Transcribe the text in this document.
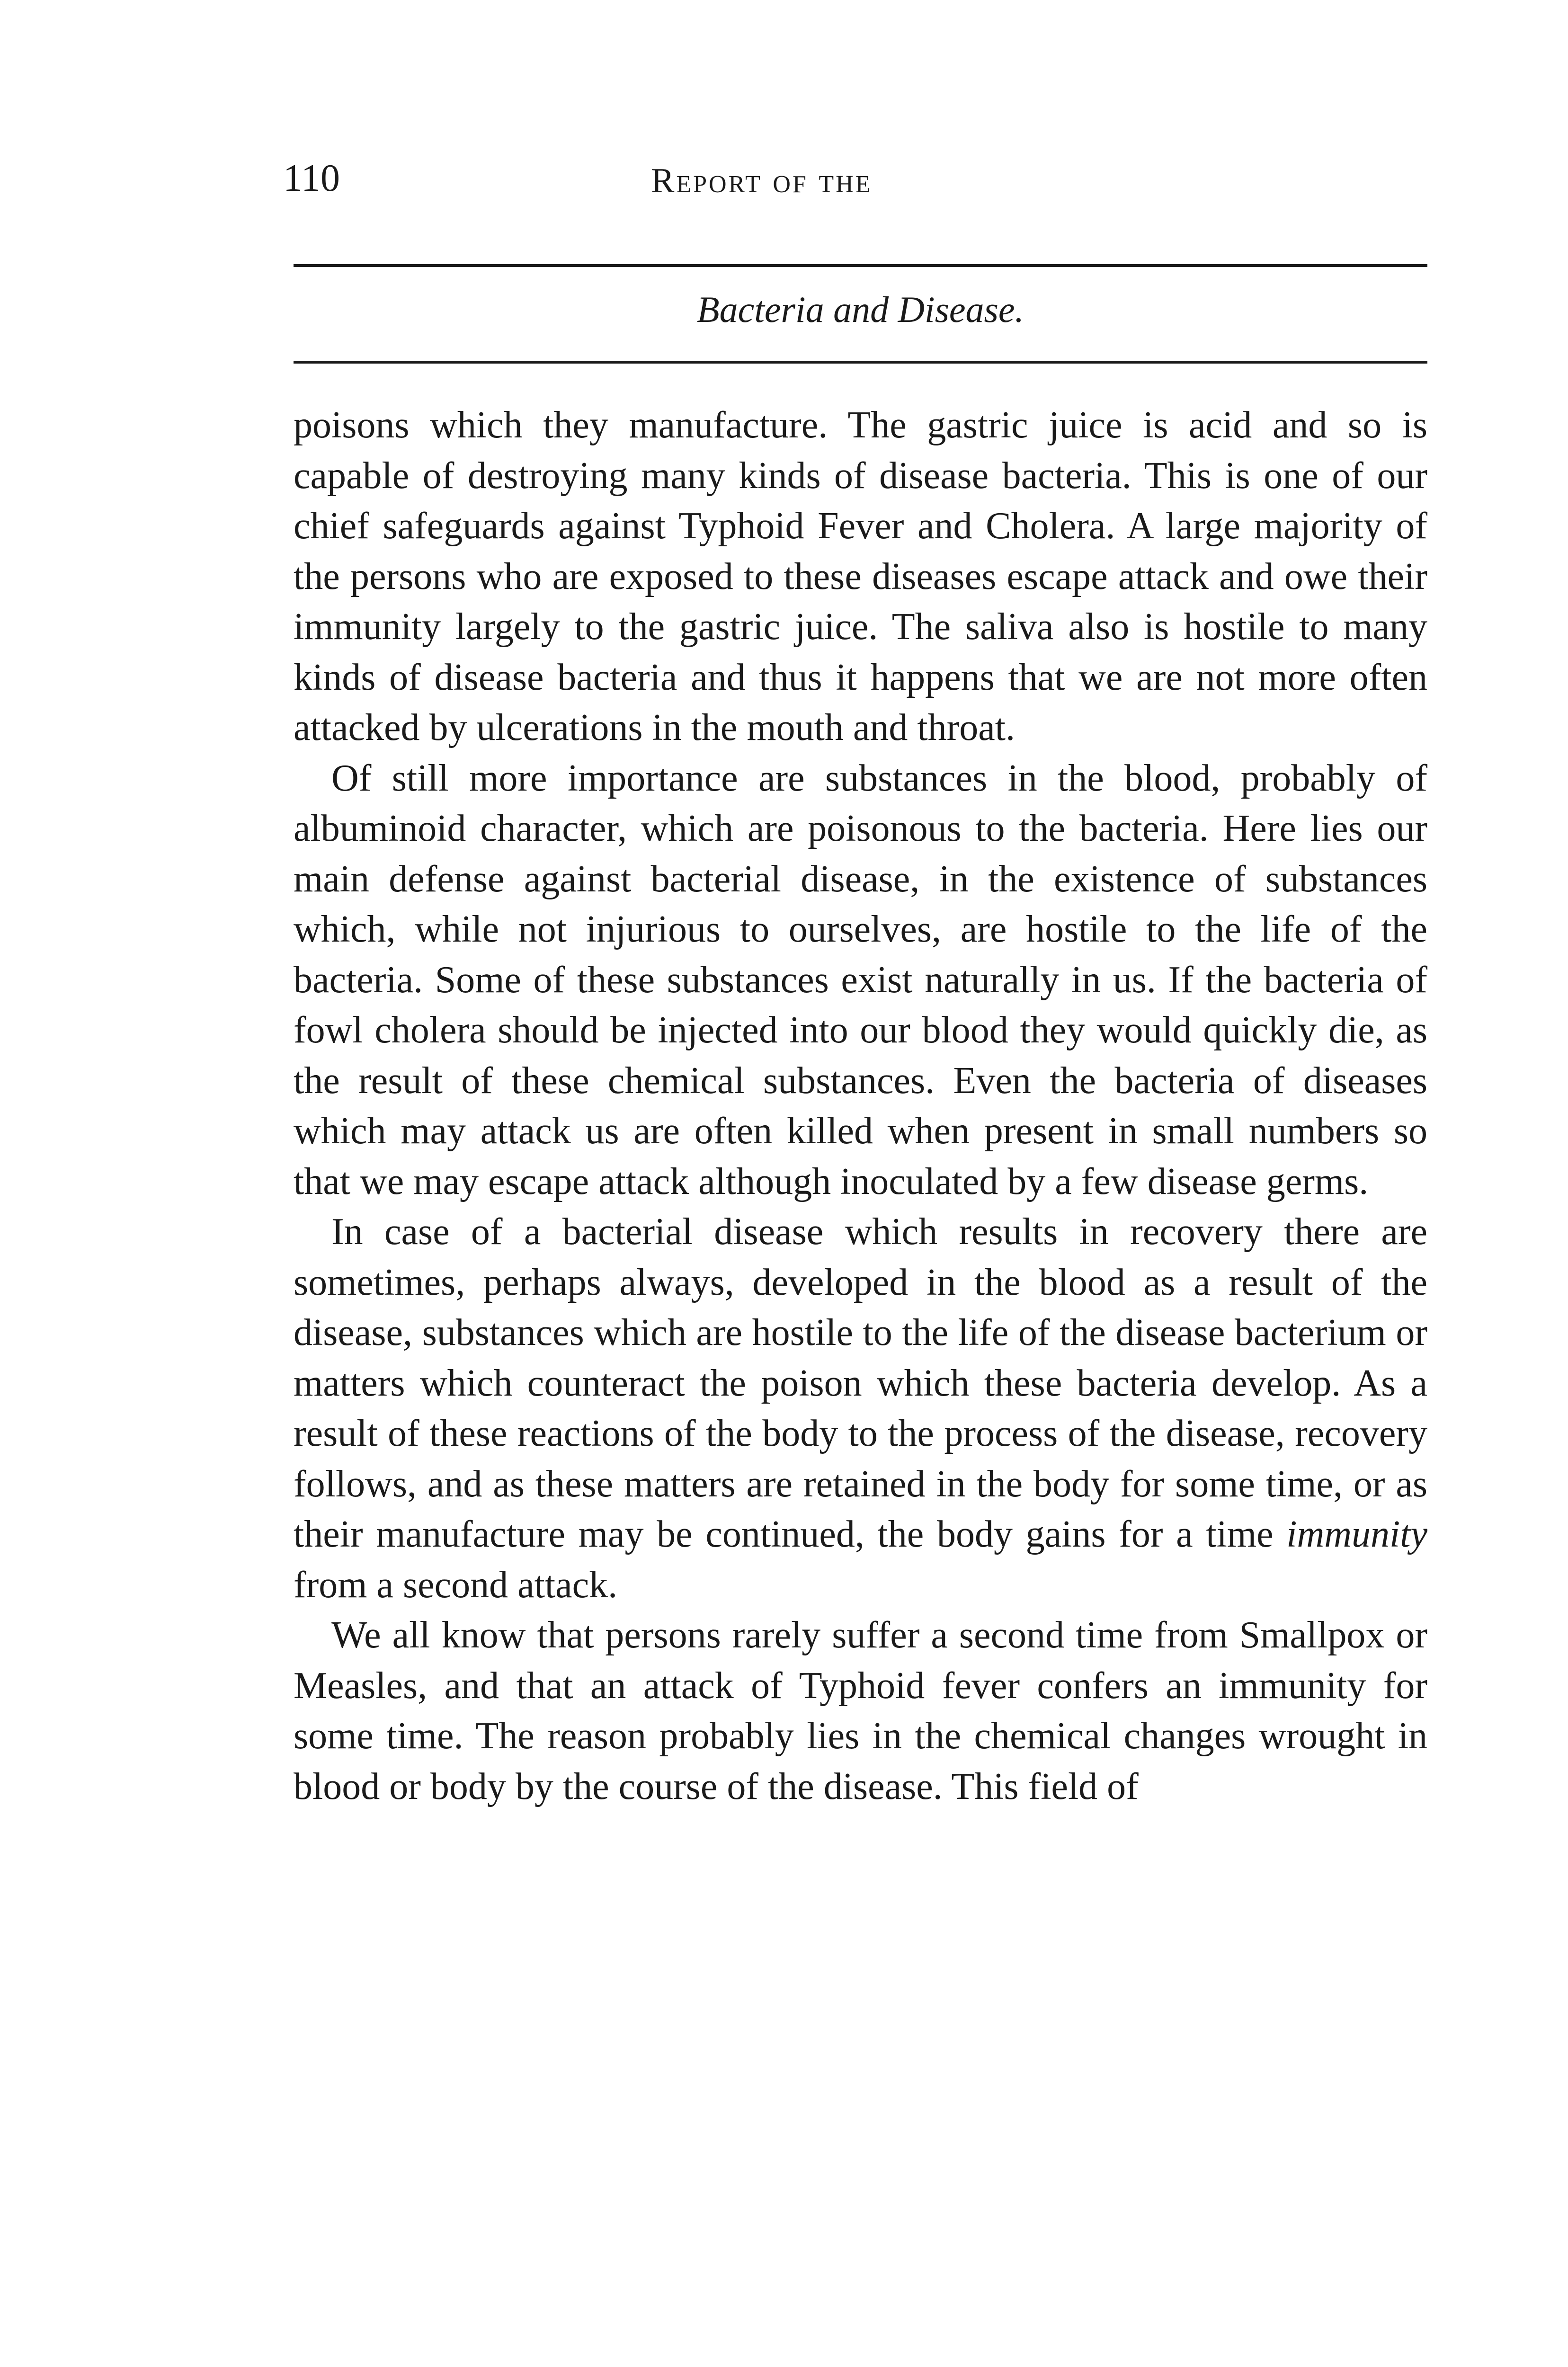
110	Report of the
Bacteria and Disease.

poisons which they manufacture. The gastric juice is acid and so is capable of destroying many kinds of disease bacteria. This is one of our chief safeguards against Typhoid Fever and Cholera. A large majority of the persons who are exposed to these diseases escape attack and owe their immunity largely to the gastric juice. The saliva also is hostile to many kinds of disease bacteria and thus it happens that we are not more often attacked by ulcerations in the mouth and throat.

Of still more importance are substances in the blood, probably of albuminoid character, which are poisonous to the bacteria. Here lies our main defense against bacterial disease, in the existence of substances which, while not injurious to ourselves, are hostile to the life of the bacteria. Some of these substances exist naturally in us. If the bacteria of fowl cholera should be injected into our blood they would quickly die, as the result of these chemical substances. Even the bacteria of diseases which may attack us are often killed when present in small numbers so that we may escape attack although inoculated by a few disease germs.

In case of a bacterial disease which results in recovery there are sometimes, perhaps always, developed in the blood as a result of the disease, substances which are hostile to the life of the disease bacterium or matters which counteract the poison which these bacteria develop. As a result of these reactions of the body to the process of the disease, recovery follows, and as these matters are retained in the body for some time, or as their manufacture may be continued, the body gains for a time immunity from a second attack.

We all know that persons rarely suffer a second time from Smallpox or Measles, and that an attack of Typhoid fever confers an immunity for some time. The reason probably lies in the chemical changes wrought in blood or body by the course of the disease. This field of
